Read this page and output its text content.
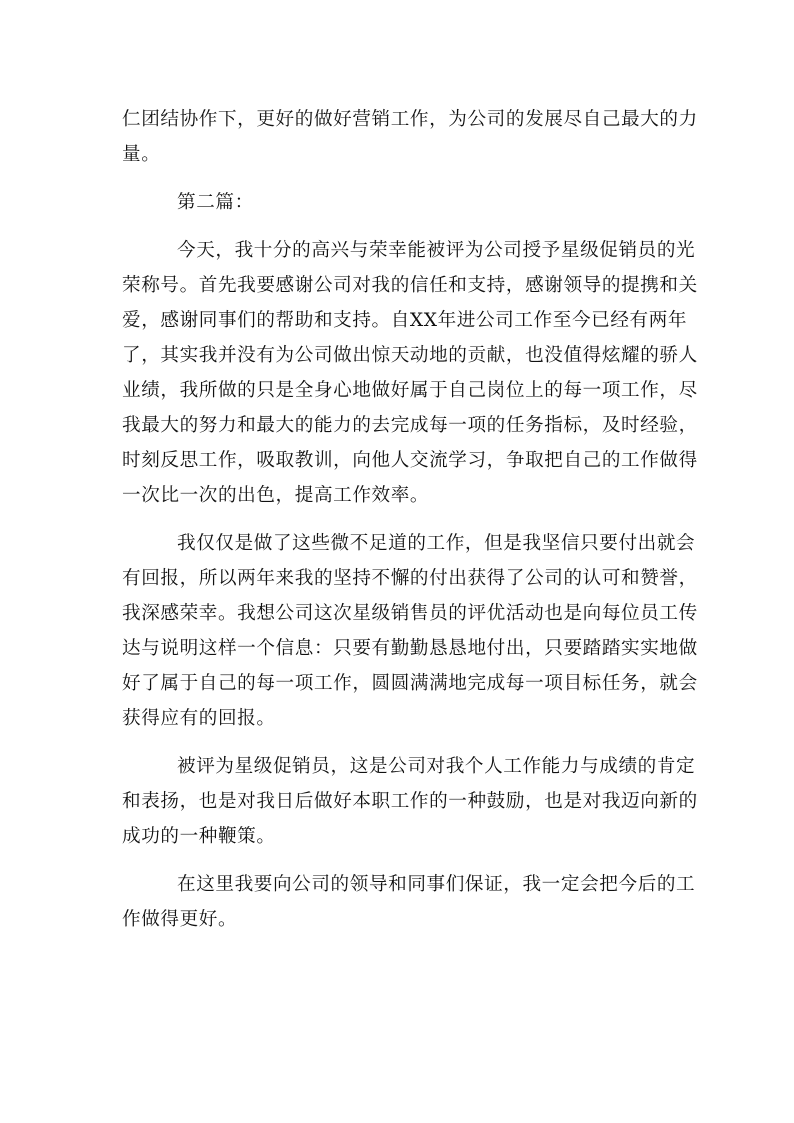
仁团结协作下，更好的做好营销工作，为公司的发展尽自己最大的力
量。
第二篇：
今天，我十分的高兴与荣幸能被评为公司授予星级促销员的光
荣称号。首先我要感谢公司对我的信任和支持，感谢领导的提携和关
爱，感谢同事们的帮助和支持。自XX年进公司工作至今已经有两年
了，其实我并没有为公司做出惊天动地的贡献，也没值得炫耀的骄人
业绩，我所做的只是全身心地做好属于自己岗位上的每一项工作，尽
我最大的努力和最大的能力的去完成每一项的任务指标，及时经验，
时刻反思工作，吸取教训，向他人交流学习，争取把自己的工作做得
一次比一次的出色，提高工作效率。
我仅仅是做了这些微不足道的工作，但是我坚信只要付出就会
有回报，所以两年来我的坚持不懈的付出获得了公司的认可和赞誉，
我深感荣幸。我想公司这次星级销售员的评优活动也是向每位员工传
达与说明这样一个信息：只要有勤勤恳恳地付出，只要踏踏实实地做
好了属于自己的每一项工作，圆圆满满地完成每一项目标任务，就会
获得应有的回报。
被评为星级促销员，这是公司对我个人工作能力与成绩的肯定
和表扬，也是对我日后做好本职工作的一种鼓励，也是对我迈向新的
成功的一种鞭策。
在这里我要向公司的领导和同事们保证，我一定会把今后的工
作做得更好。
